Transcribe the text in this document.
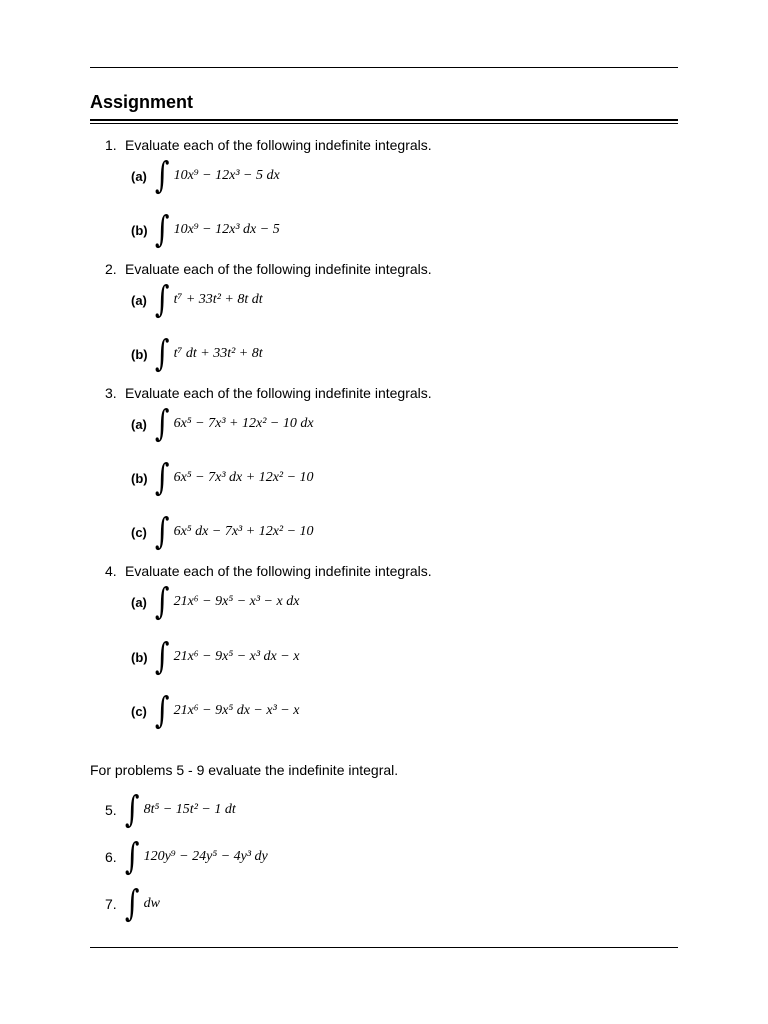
Assignment
1. Evaluate each of the following indefinite integrals.
(a) ∫ 10x⁹ − 12x³ − 5 dx
(b) ∫ 10x⁹ − 12x³ dx − 5
2. Evaluate each of the following indefinite integrals.
(a) ∫ t⁷ + 33t² + 8t dt
(b) ∫ t⁷ dt + 33t² + 8t
3. Evaluate each of the following indefinite integrals.
(a) ∫ 6x⁵ − 7x³ + 12x² − 10 dx
(b) ∫ 6x⁵ − 7x³ dx + 12x² − 10
(c) ∫ 6x⁵ dx − 7x³ + 12x² − 10
4. Evaluate each of the following indefinite integrals.
(a) ∫ 21x⁶ − 9x⁵ − x³ − x dx
(b) ∫ 21x⁶ − 9x⁵ − x³ dx − x
(c) ∫ 21x⁶ − 9x⁵ dx − x³ − x
For problems 5 - 9 evaluate the indefinite integral.
5. ∫ 8t⁵ − 15t² − 1 dt
6. ∫ 120y⁹ − 24y⁵ − 4y³ dy
7. ∫ dw
